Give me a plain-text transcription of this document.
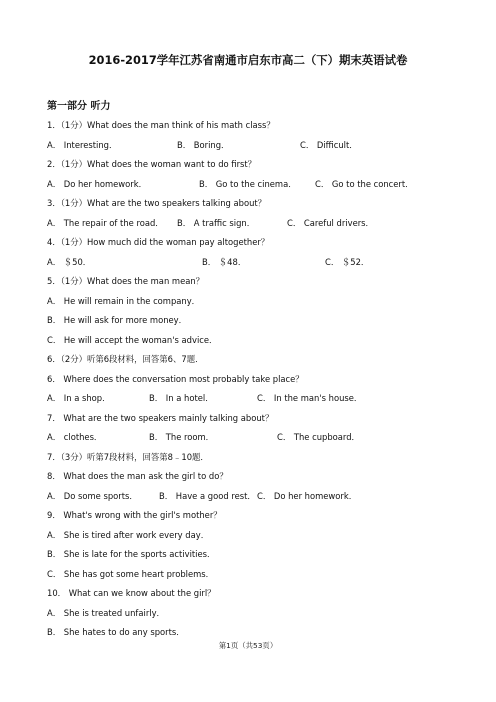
2016-2017学年江苏省南通市启东市高二（下）期末英语试卷
第一部分 听力
1．（1分）What does the man think of his math class？
A． Interesting．	B． Boring．	C． Difficult．
2．（1分）What does the woman want to do first？
A． Do her homework．	B． Go to the cinema． C． Go to the concert．
3．（1分）What are the two speakers talking about？
A． The repair of the road． B． A traffic sign．	C． Careful drivers．
4．（1分）How much did the woman pay altogether？
A． ＄50．	B． ＄48．	C． ＄52．
5．（1分）What does the man mean？
A． He will remain in the company．
B． He will ask for more money．
C． He will accept the woman's advice．
6．（2分）听第6段材料，回答第6、7题．
6． Where does the conversation most probably take place？
A． In a shop．	B． In a hotel．	C． In the man's house．
7． What are the two speakers mainly talking about？
A． clothes．	B． The room．	C． The cupboard．
7．（3分）听第7段材料，回答第8﹣10题．
8． What does the man ask the girl to do？
A． Do some sports．	B． Have a good rest． C． Do her homework．
9． What's wrong with the girl's mother？
A． She is tired after work every day．
B． She is late for the sports activities．
C． She has got some heart problems．
10． What can we know about the girl？
A． She is treated unfairly．
B． She hates to do any sports．
第1页（共53页）
